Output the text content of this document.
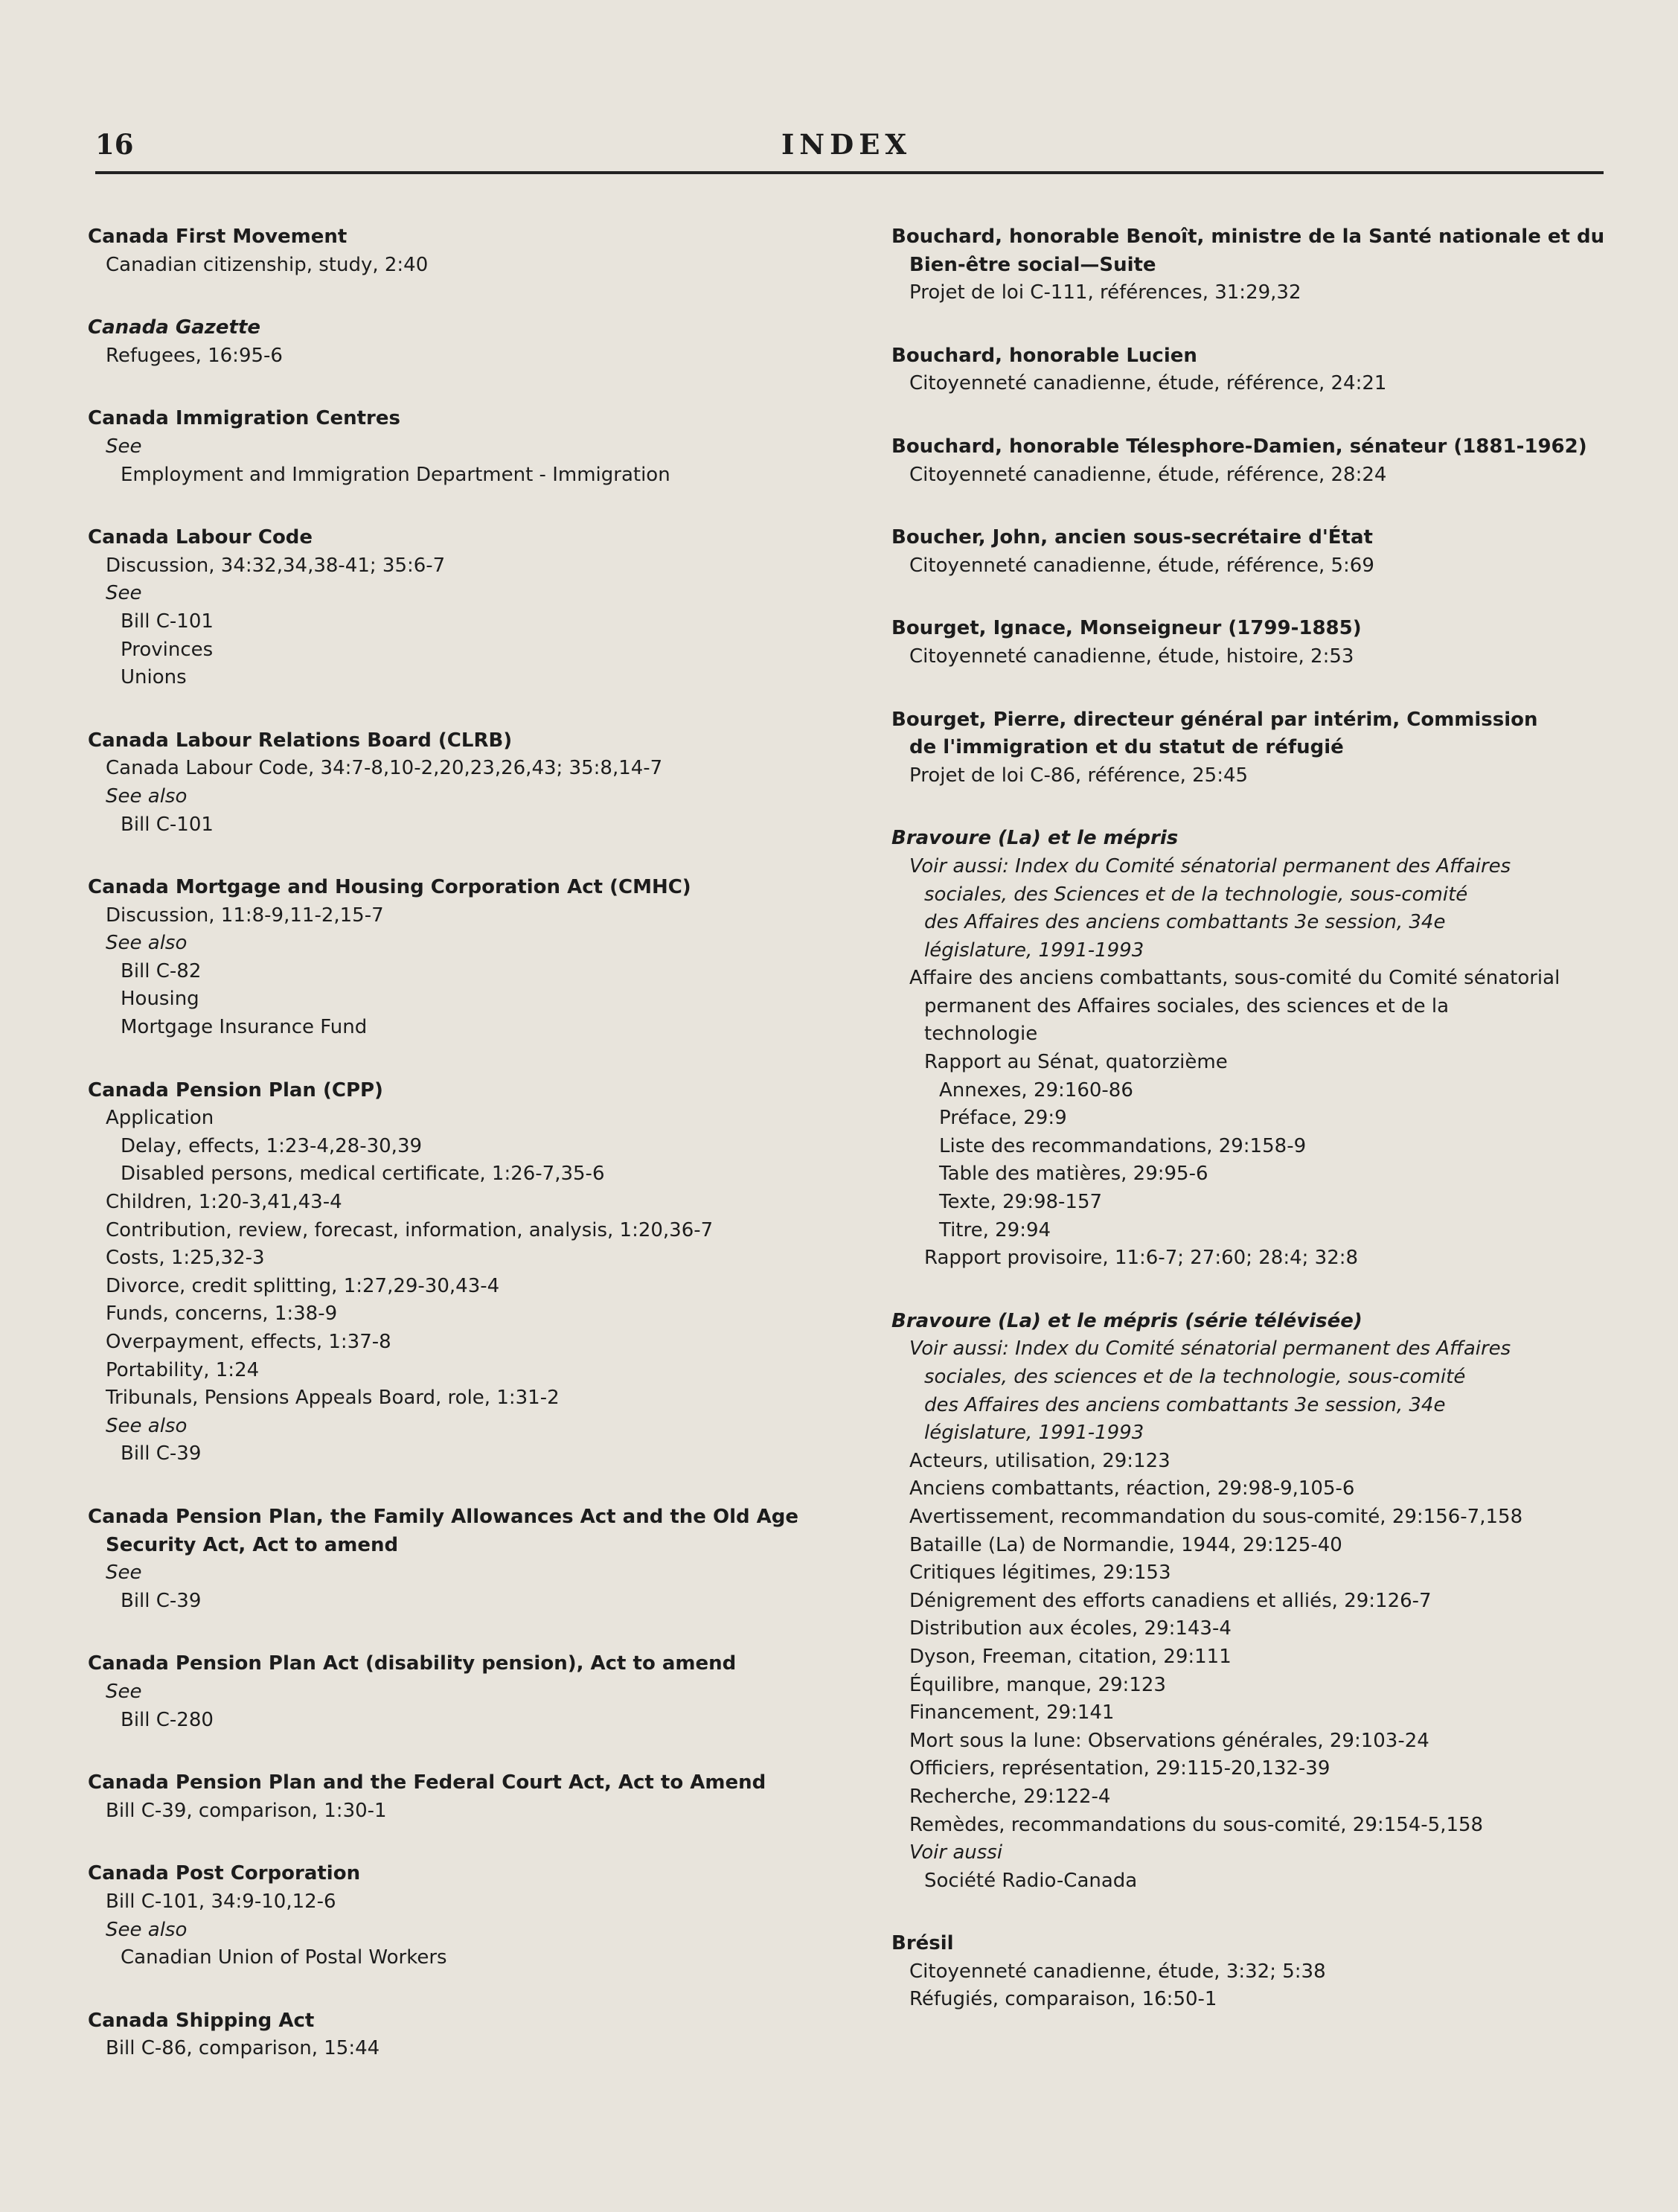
16	INDEX
Canada First Movement
Canadian citizenship, study, 2:40
Canada Gazette
Refugees, 16:95-6
Canada Immigration Centres
See
Employment and Immigration Department - Immigration
Canada Labour Code
Discussion, 34:32,34,38-41; 35:6-7
See
Bill C-101
Provinces
Unions
Canada Labour Relations Board (CLRB)
Canada Labour Code, 34:7-8,10-2,20,23,26,43; 35:8,14-7
See also
Bill C-101
Canada Mortgage and Housing Corporation Act (CMHC)
Discussion, 11:8-9,11-2,15-7
See also
Bill C-82
Housing
Mortgage Insurance Fund
Canada Pension Plan (CPP)
Application
Delay, effects, 1:23-4,28-30,39
Disabled persons, medical certificate, 1:26-7,35-6
Children, 1:20-3,41,43-4
Contribution, review, forecast, information, analysis, 1:20,36-7
Costs, 1:25,32-3
Divorce, credit splitting, 1:27,29-30,43-4
Funds, concerns, 1:38-9
Overpayment, effects, 1:37-8
Portability, 1:24
Tribunals, Pensions Appeals Board, role, 1:31-2
See also
Bill C-39
Canada Pension Plan, the Family Allowances Act and the Old Age
Security Act, Act to amend
See
Bill C-39
Canada Pension Plan Act (disability pension), Act to amend
See
Bill C-280
Canada Pension Plan and the Federal Court Act, Act to Amend
Bill C-39, comparison, 1:30-1
Canada Post Corporation
Bill C-101, 34:9-10,12-6
See also
Canadian Union of Postal Workers
Canada Shipping Act
Bill C-86, comparison, 15:44
Bouchard, honorable Benoît, ministre de la Santé nationale et du
Bien-être social—Suite
Projet de loi C-111, références, 31:29,32
Bouchard, honorable Lucien
Citoyenneté canadienne, étude, référence, 24:21
Bouchard, honorable Télesphore-Damien, sénateur (1881-1962)
Citoyenneté canadienne, étude, référence, 28:24
Boucher, John, ancien sous-secrétaire d'État
Citoyenneté canadienne, étude, référence, 5:69
Bourget, Ignace, Monseigneur (1799-1885)
Citoyenneté canadienne, étude, histoire, 2:53
Bourget, Pierre, directeur général par intérim, Commission
de l'immigration et du statut de réfugié
Projet de loi C-86, référence, 25:45
Bravoure (La) et le mépris
Voir aussi: Index du Comité sénatorial permanent des Affaires
sociales, des Sciences et de la technologie, sous-comité
des Affaires des anciens combattants 3e session, 34e
législature, 1991-1993
Affaire des anciens combattants, sous-comité du Comité sénatorial
permanent des Affaires sociales, des sciences et de la
technologie
Rapport au Sénat, quatorzième
Annexes, 29:160-86
Préface, 29:9
Liste des recommandations, 29:158-9
Table des matières, 29:95-6
Texte, 29:98-157
Titre, 29:94
Rapport provisoire, 11:6-7; 27:60; 28:4; 32:8
Bravoure (La) et le mépris (série télévisée)
Voir aussi: Index du Comité sénatorial permanent des Affaires
sociales, des sciences et de la technologie, sous-comité
des Affaires des anciens combattants 3e session, 34e
législature, 1991-1993
Acteurs, utilisation, 29:123
Anciens combattants, réaction, 29:98-9,105-6
Avertissement, recommandation du sous-comité, 29:156-7,158
Bataille (La) de Normandie, 1944, 29:125-40
Critiques légitimes, 29:153
Dénigrement des efforts canadiens et alliés, 29:126-7
Distribution aux écoles, 29:143-4
Dyson, Freeman, citation, 29:111
Équilibre, manque, 29:123
Financement, 29:141
Mort sous la lune: Observations générales, 29:103-24
Officiers, représentation, 29:115-20,132-39
Recherche, 29:122-4
Remèdes, recommandations du sous-comité, 29:154-5,158
Voir aussi
Société Radio-Canada
Brésil
Citoyenneté canadienne, étude, 3:32; 5:38
Réfugiés, comparaison, 16:50-1
